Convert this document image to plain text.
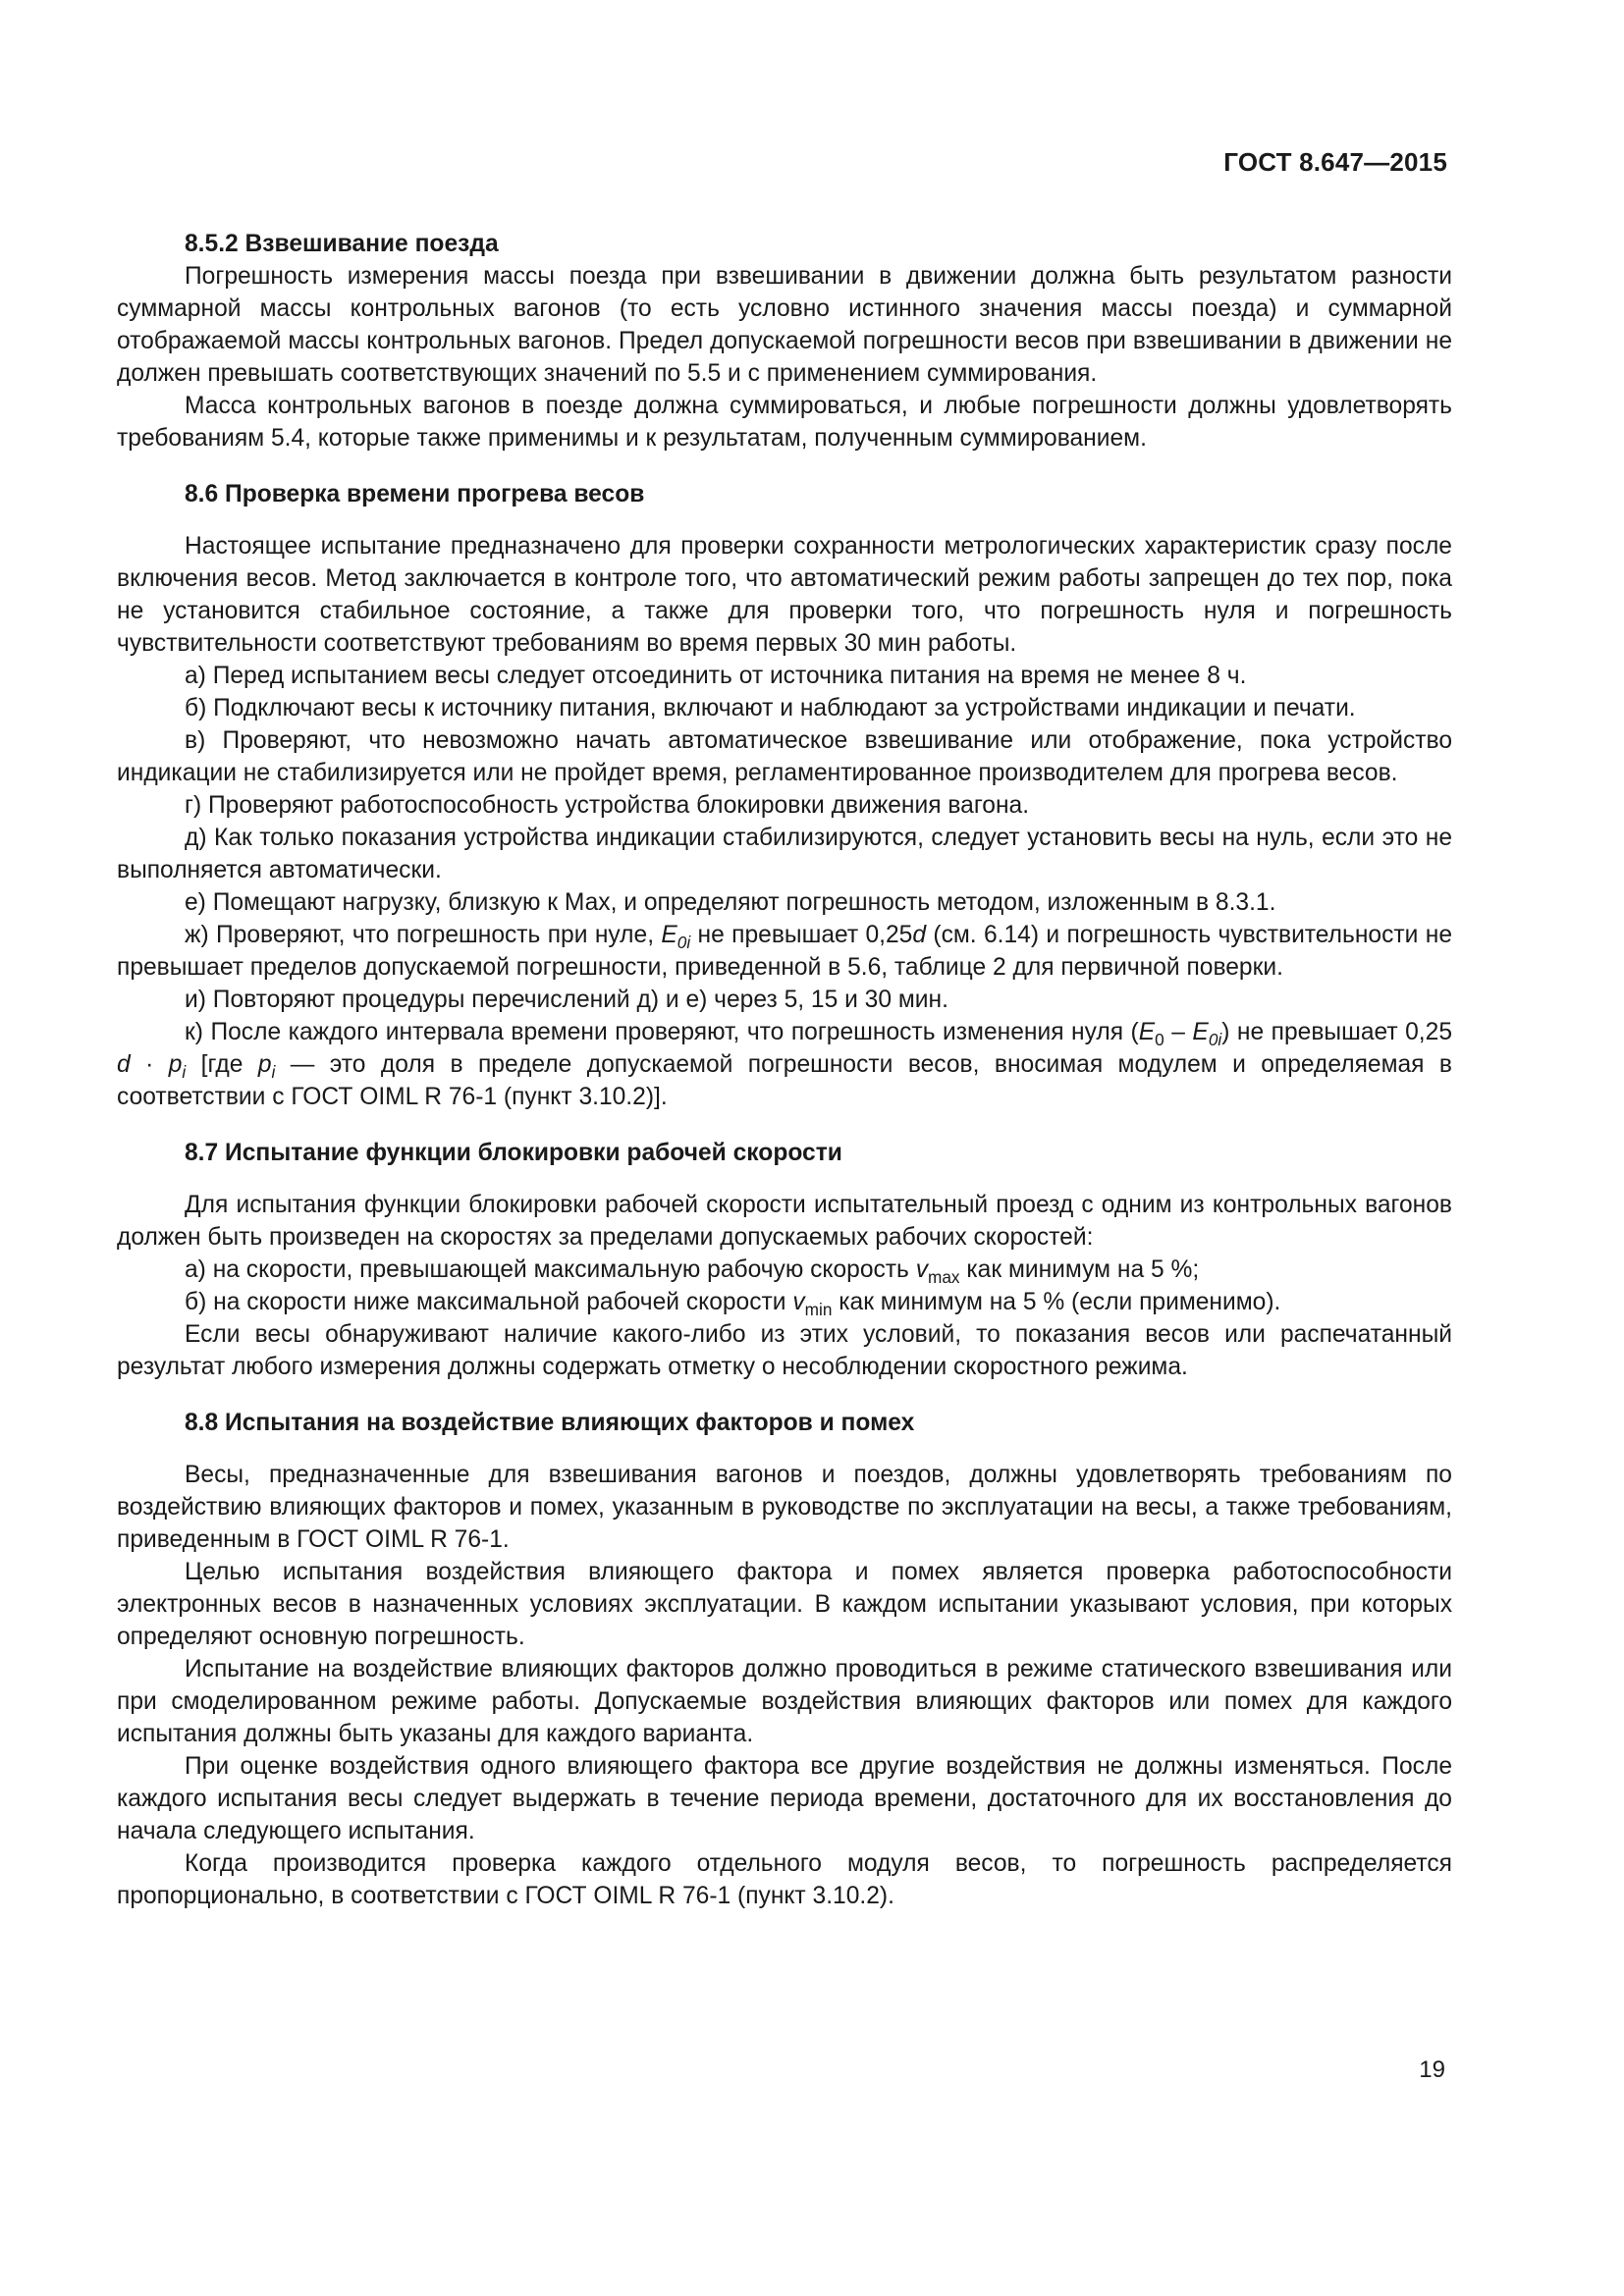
ГОСТ 8.647—2015

8.5.2 Взвешивание поезда

Погрешность измерения массы поезда при взвешивании в движении должна быть результатом разности суммарной массы контрольных вагонов (то есть условно истинного значения массы поезда) и суммарной отображаемой массы контрольных вагонов. Предел допускаемой погрешности весов при взвешивании в движении не должен превышать соответствующих значений по 5.5 и с применением суммирования.

Масса контрольных вагонов в поезде должна суммироваться, и любые погрешности должны удовлетворять требованиям 5.4, которые также применимы и к результатам, полученным суммированием.

8.6 Проверка времени прогрева весов

Настоящее испытание предназначено для проверки сохранности метрологических характеристик сразу после включения весов. Метод заключается в контроле того, что автоматический режим работы запрещен до тех пор, пока не установится стабильное состояние, а также для проверки того, что погрешность нуля и погрешность чувствительности соответствуют требованиям во время первых 30 мин работы.

а) Перед испытанием весы следует отсоединить от источника питания на время не менее 8 ч.

б) Подключают весы к источнику питания, включают и наблюдают за устройствами индикации и печати.

в) Проверяют, что невозможно начать автоматическое взвешивание или отображение, пока устройство индикации не стабилизируется или не пройдет время, регламентированное производителем для прогрева весов.

г) Проверяют работоспособность устройства блокировки движения вагона.

д) Как только показания устройства индикации стабилизируются, следует установить весы на нуль, если это не выполняется автоматически.

е) Помещают нагрузку, близкую к Мах, и определяют погрешность методом, изложенным в 8.3.1.

ж) Проверяют, что погрешность при нуле, $E_{0i}$ не превышает 0,25d (см. 6.14) и погрешность чувствительности не превышает пределов допускаемой погрешности, приведенной в 5.6, таблице 2 для первичной поверки.

и) Повторяют процедуры перечислений д) и е) через 5, 15 и 30 мин.

к) После каждого интервала времени проверяют, что погрешность изменения нуля $(E_0 - E_{0i})$ не превышает 0,25 $d \cdot p_i$ [где $p_i$ — это доля в пределе допускаемой погрешности весов, вносимая модулем и определяемая в соответствии с ГОСТ OIML R 76-1 (пункт 3.10.2)].

8.7 Испытание функции блокировки рабочей скорости

Для испытания функции блокировки рабочей скорости испытательный проезд с одним из контрольных вагонов должен быть произведен на скоростях за пределами допускаемых рабочих скоростей:

а) на скорости, превышающей максимальную рабочую скорость $v_{max}$ как минимум на 5 %;

б) на скорости ниже максимальной рабочей скорости $v_{min}$ как минимум на 5 % (если применимо).

Если весы обнаруживают наличие какого-либо из этих условий, то показания весов или распечатанный результат любого измерения должны содержать отметку о несоблюдении скоростного режима.

8.8 Испытания на воздействие влияющих факторов и помех

Весы, предназначенные для взвешивания вагонов и поездов, должны удовлетворять требованиям по воздействию влияющих факторов и помех, указанным в руководстве по эксплуатации на весы, а также требованиям, приведенным в ГОСТ OIML R 76-1.

Целью испытания воздействия влияющего фактора и помех является проверка работоспособности электронных весов в назначенных условиях эксплуатации. В каждом испытании указывают условия, при которых определяют основную погрешность.

Испытание на воздействие влияющих факторов должно проводиться в режиме статического взвешивания или при смоделированном режиме работы. Допускаемые воздействия влияющих факторов или помех для каждого испытания должны быть указаны для каждого варианта.

При оценке воздействия одного влияющего фактора все другие воздействия не должны изменяться. После каждого испытания весы следует выдержать в течение периода времени, достаточного для их восстановления до начала следующего испытания.

Когда производится проверка каждого отдельного модуля весов, то погрешность распределяется пропорционально, в соответствии с ГОСТ OIML R 76-1 (пункт 3.10.2).

19
